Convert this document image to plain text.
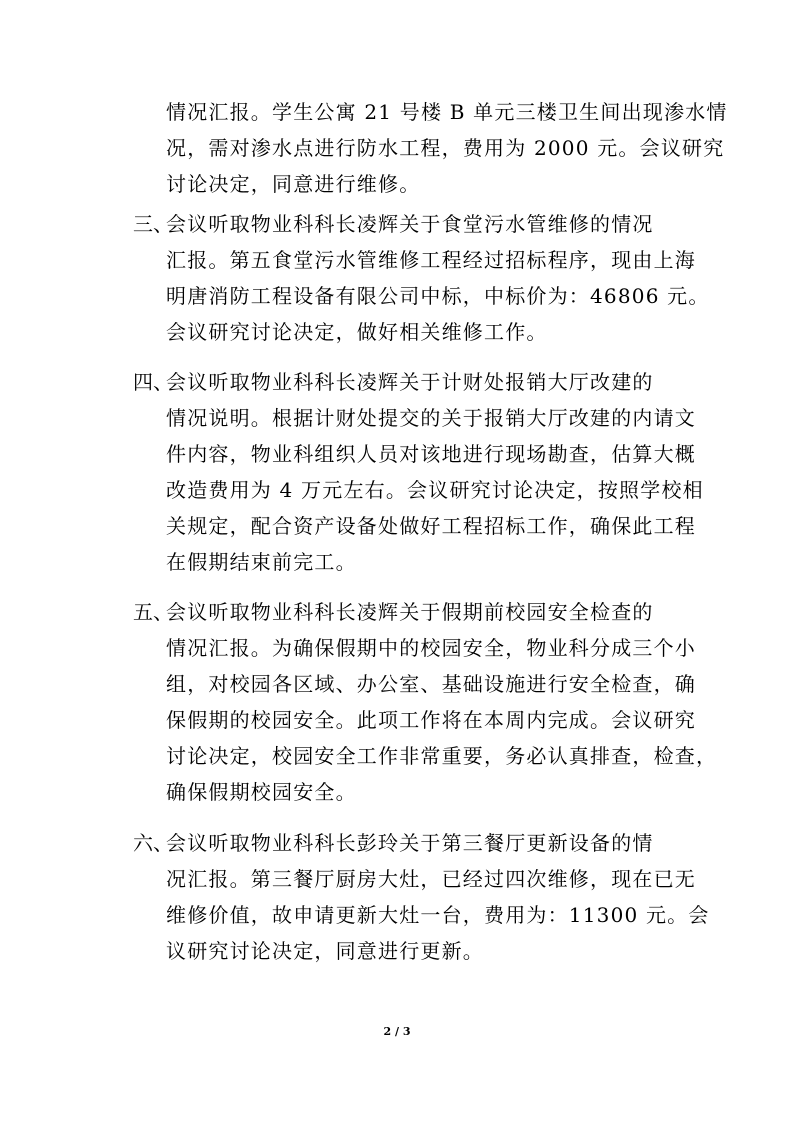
情况汇报。学生公寓 21 号楼 B 单元三楼卫生间出现渗水情
况，需对渗水点进行防水工程，费用为 2000 元。会议研究
讨论决定，同意进行维修。
三、
会议听取物业科科长凌辉关于食堂污水管维修的情况
汇报。第五食堂污水管维修工程经过招标程序，现由上海
明唐消防工程设备有限公司中标，中标价为：46806 元。
会议研究讨论决定，做好相关维修工作。
四、
会议听取物业科科长凌辉关于计财处报销大厅改建的
情况说明。根据计财处提交的关于报销大厅改建的内请文
件内容，物业科组织人员对该地进行现场勘查，估算大概
改造费用为 4 万元左右。会议研究讨论决定，按照学校相
关规定，配合资产设备处做好工程招标工作，确保此工程
在假期结束前完工。
五、
会议听取物业科科长凌辉关于假期前校园安全检查的
情况汇报。为确保假期中的校园安全，物业科分成三个小
组，对校园各区域、办公室、基础设施进行安全检查，确
保假期的校园安全。此项工作将在本周内完成。会议研究
讨论决定，校园安全工作非常重要，务必认真排查，检查，
确保假期校园安全。
六、
会议听取物业科科长彭玲关于第三餐厅更新设备的情
况汇报。第三餐厅厨房大灶，已经过四次维修，现在已无
维修价值，故申请更新大灶一台，费用为：11300 元。会
议研究讨论决定，同意进行更新。
2 / 3
